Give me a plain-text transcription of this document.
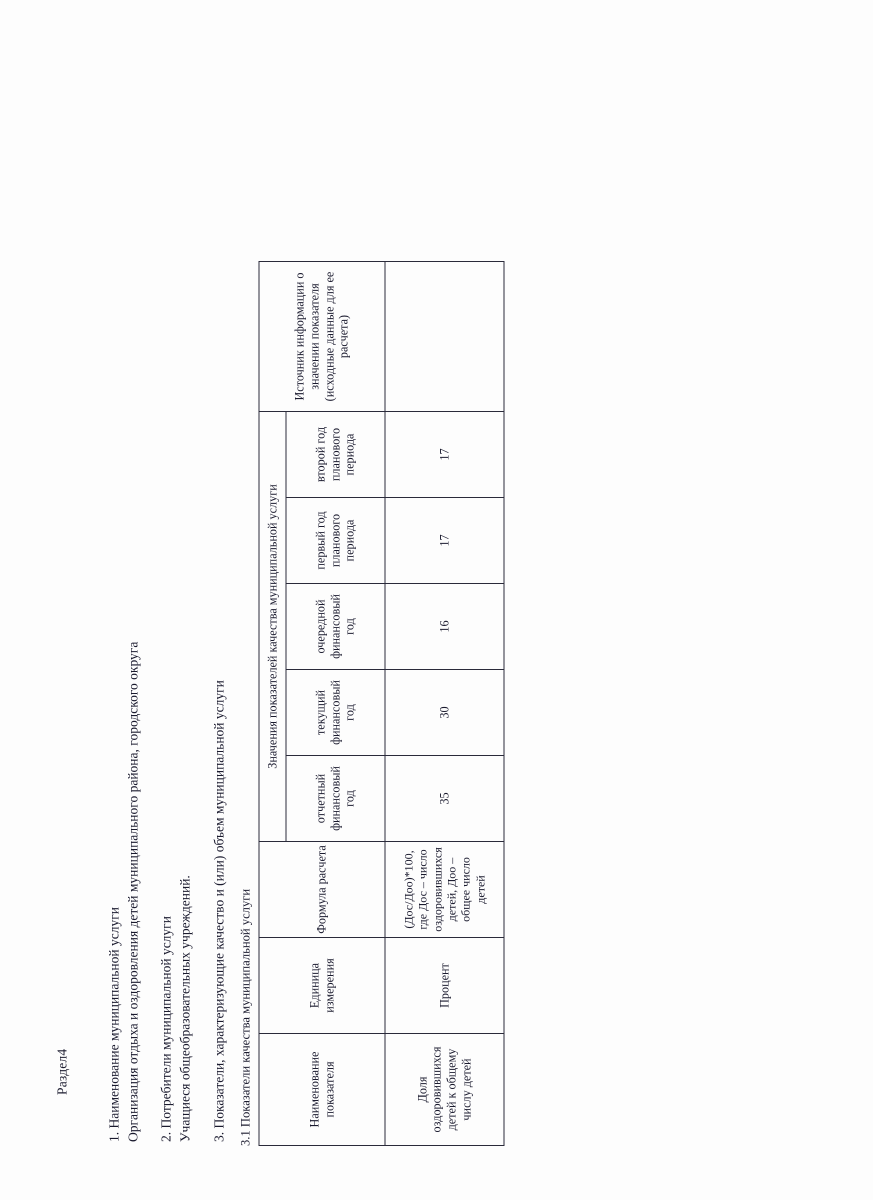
Раздел4	1. Наименование муниципальной услуги Организация отдыха и оздоровления детей муниципального района, городского округа 2. Потребители муниципальной услуги Учащиеся общеобразовательных учреждений. 3. Показатели, характеризующие качество и (или) объем муниципальной услуги 3.1 Показатели качества муниципальной услуги	Наименование показателя	Единица измерения	Формула расчета	Значения показателей качества муниципальной услуги					Источник информации о значении показателя (исходные данные для ее расчета)
			отчетный финансовый год	текущий финансовый год	очередной финансовый год	первый год планового периода	второй год планового периода	
Доля оздоровившихся детей к общему числу детей	Процент	(Дос/Доо)*100, где Дос – число оздоровившихся детей, Доо – общее число детей	35	30	16	17	17	
